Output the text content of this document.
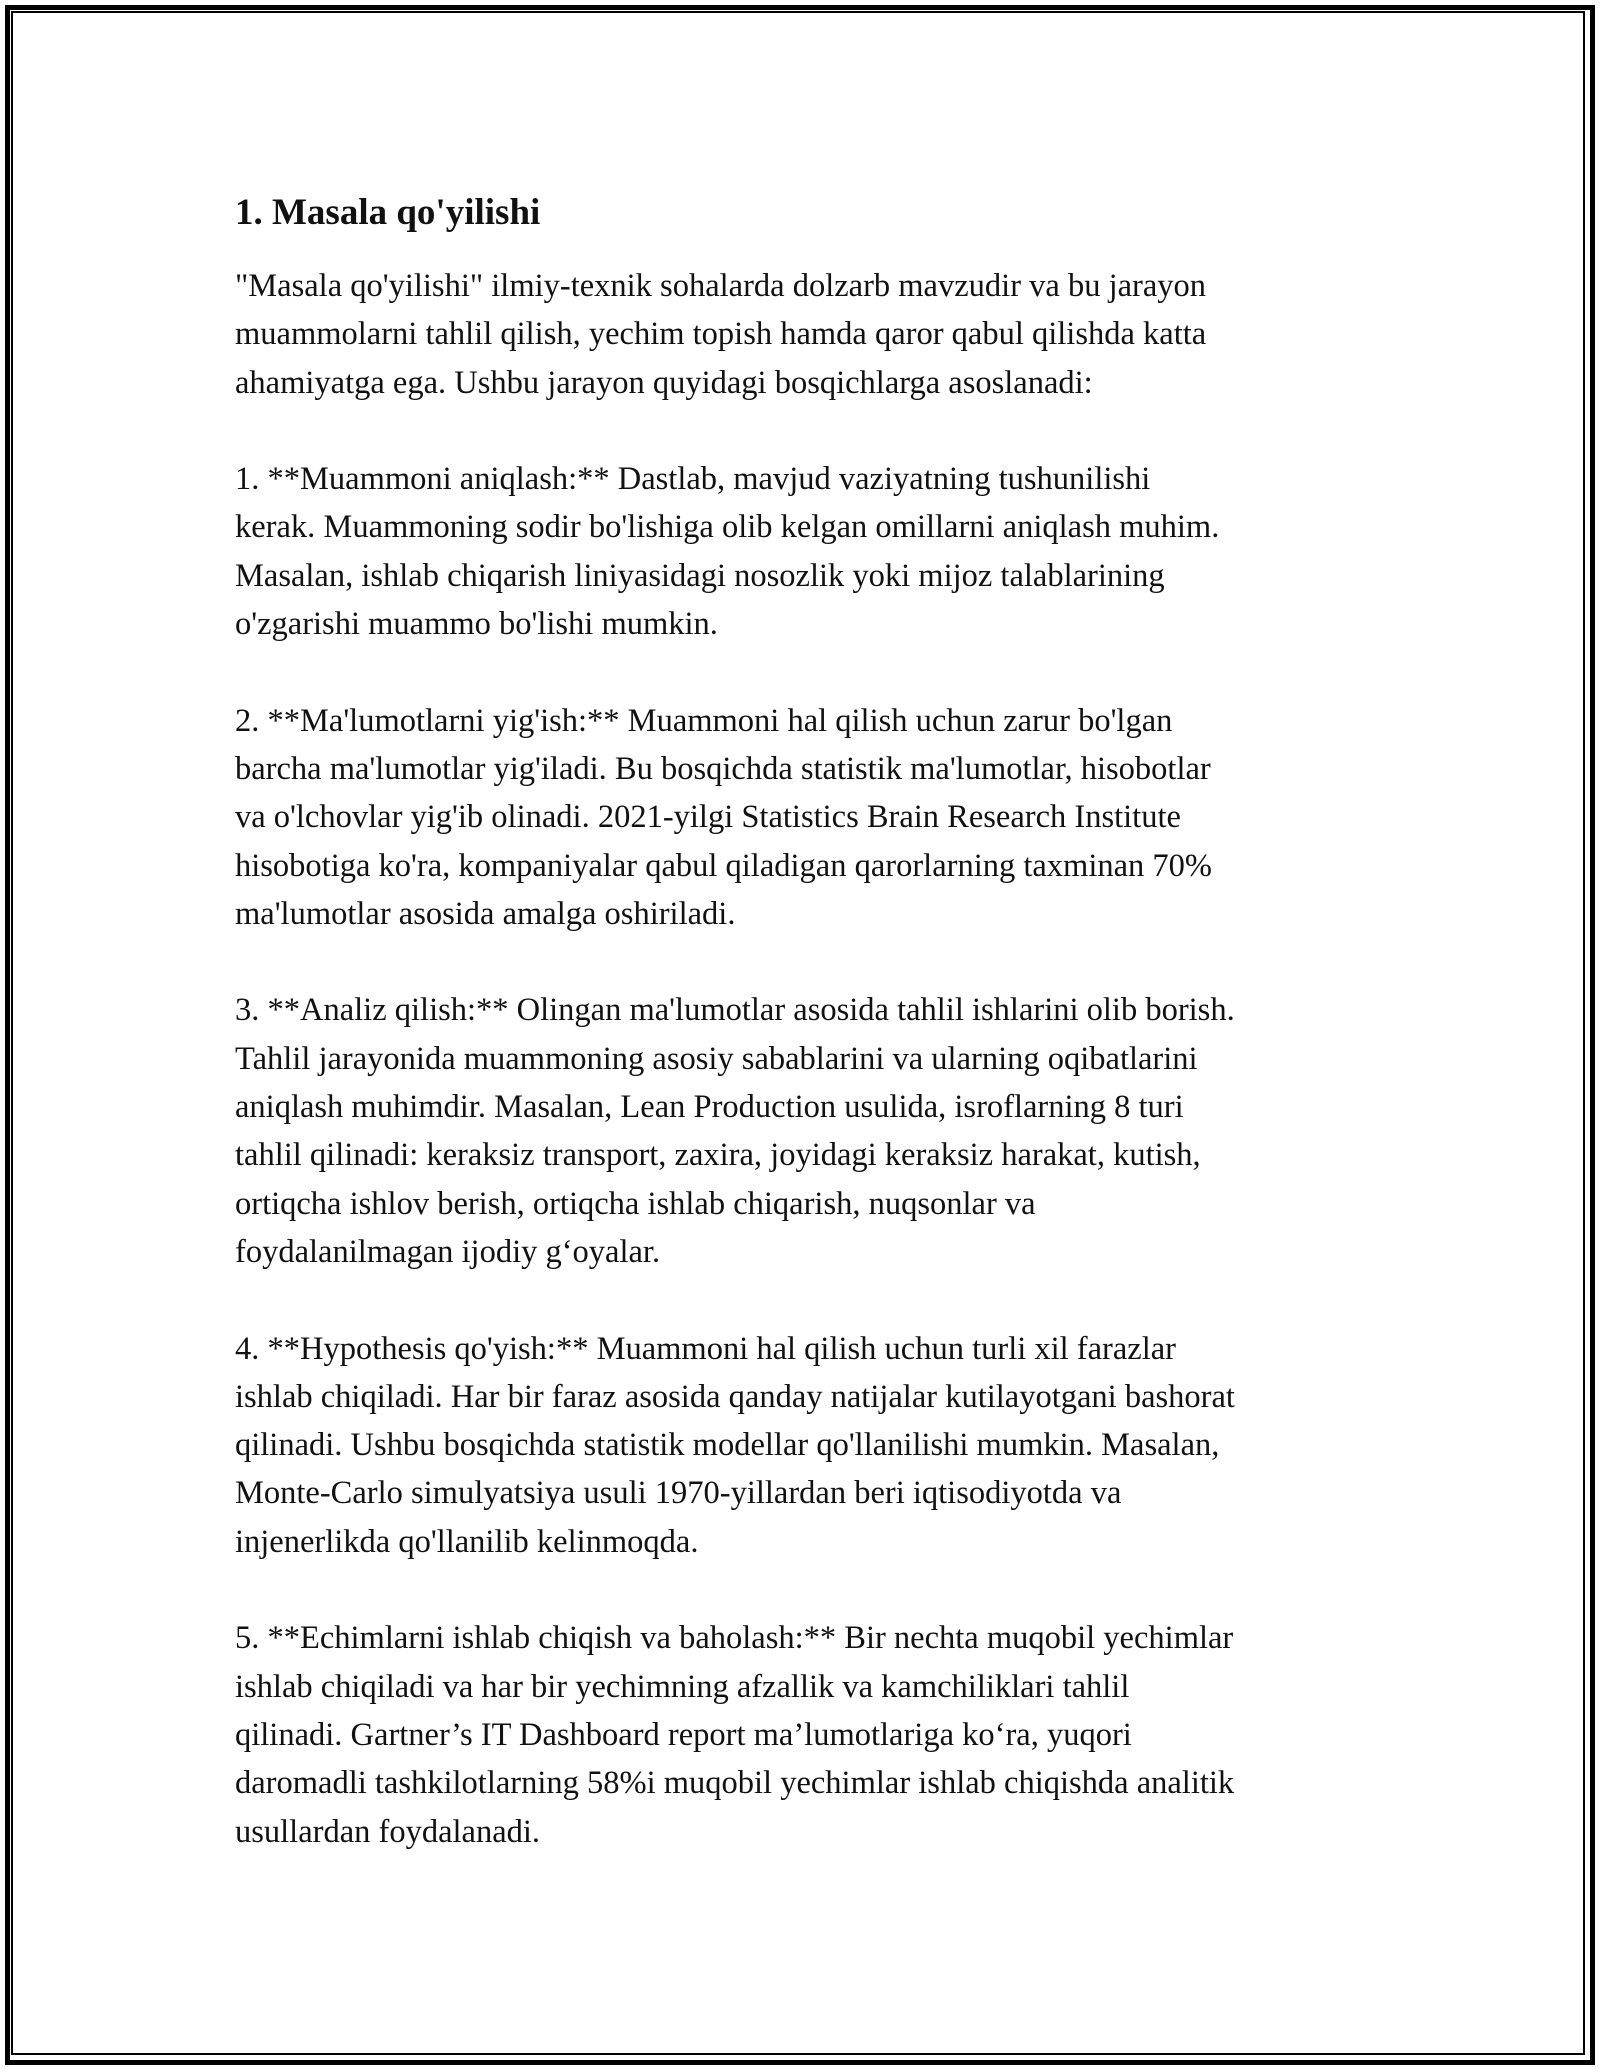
1. Masala qo'yilishi

"Masala qo'yilishi" ilmiy-texnik sohalarda dolzarb mavzudir va bu jarayon
muammolarni tahlil qilish, yechim topish hamda qaror qabul qilishda katta
ahamiyatga ega. Ushbu jarayon quyidagi bosqichlarga asoslanadi:

1. **Muammoni aniqlash:** Dastlab, mavjud vaziyatning tushunilishi
kerak. Muammoning sodir bo'lishiga olib kelgan omillarni aniqlash muhim.
Masalan, ishlab chiqarish liniyasidagi nosozlik yoki mijoz talablarining
o'zgarishi muammo bo'lishi mumkin.

2. **Ma'lumotlarni yig'ish:** Muammoni hal qilish uchun zarur bo'lgan
barcha ma'lumotlar yig'iladi. Bu bosqichda statistik ma'lumotlar, hisobotlar
va o'lchovlar yig'ib olinadi. 2021-yilgi Statistics Brain Research Institute
hisobotiga ko'ra, kompaniyalar qabul qiladigan qarorlarning taxminan 70%
ma'lumotlar asosida amalga oshiriladi.

3. **Analiz qilish:** Olingan ma'lumotlar asosida tahlil ishlarini olib borish.
Tahlil jarayonida muammoning asosiy sabablarini va ularning oqibatlarini
aniqlash muhimdir. Masalan, Lean Production usulida, isroflarning 8 turi
tahlil qilinadi: keraksiz transport, zaxira, joyidagi keraksiz harakat, kutish,
ortiqcha ishlov berish, ortiqcha ishlab chiqarish, nuqsonlar va
foydalanilmagan ijodiy g‘oyalar.

4. **Hypothesis qo'yish:** Muammoni hal qilish uchun turli xil farazlar
ishlab chiqiladi. Har bir faraz asosida qanday natijalar kutilayotgani bashorat
qilinadi. Ushbu bosqichda statistik modellar qo'llanilishi mumkin. Masalan,
Monte-Carlo simulyatsiya usuli 1970-yillardan beri iqtisodiyotda va
injenerlikda qo'llanilib kelinmoqda.

5. **Echimlarni ishlab chiqish va baholash:** Bir nechta muqobil yechimlar
ishlab chiqiladi va har bir yechimning afzallik va kamchiliklari tahlil
qilinadi. Gartner’s IT Dashboard report ma’lumotlariga ko‘ra, yuqori
daromadli tashkilotlarning 58%i muqobil yechimlar ishlab chiqishda analitik
usullardan foydalanadi.
